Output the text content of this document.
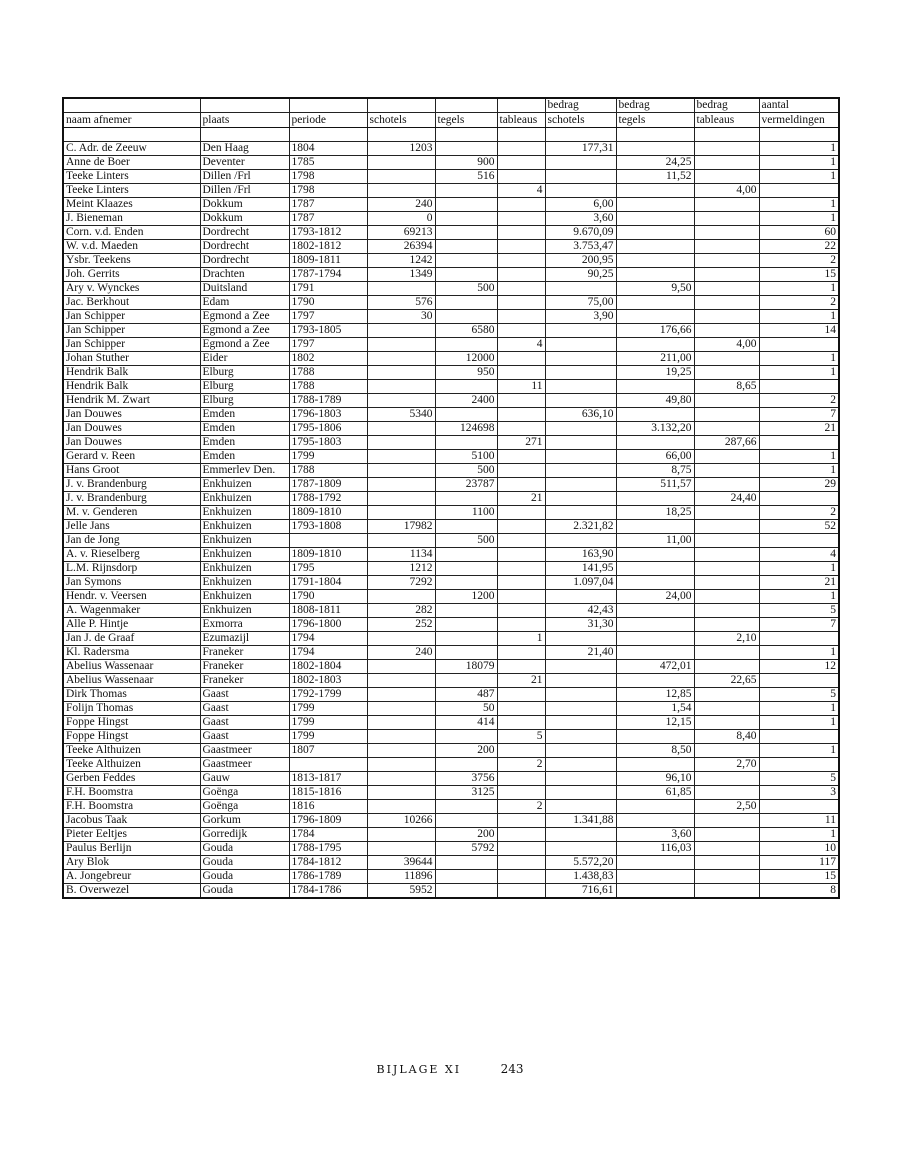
						bedrag	bedrag	bedrag	aantal
naam afnemer	plaats	periode	schotels	tegels	tableaus	schotels	tegels	tableaus	vermeldingen

C. Adr. de Zeeuw	Den Haag	1804	1203			177,31			1
Anne de Boer	Deventer	1785		900			24,25		1
Teeke Linters	Dillen /Frl	1798		516			11,52		1
Teeke Linters	Dillen /Frl	1798			4			4,00	
Meint Klaazes	Dokkum	1787	240			6,00			1
J. Bieneman	Dokkum	1787	0			3,60			1
Corn. v.d. Enden	Dordrecht	1793-1812	69213			9.670,09			60
W. v.d. Maeden	Dordrecht	1802-1812	26394			3.753,47			22
Ysbr. Teekens	Dordrecht	1809-1811	1242			200,95			2
Joh. Gerrits	Drachten	1787-1794	1349			90,25			15
Ary v. Wynckes	Duitsland	1791		500			9,50		1
Jac. Berkhout	Edam	1790	576			75,00			2
Jan Schipper	Egmond a Zee	1797	30			3,90			1
Jan Schipper	Egmond a Zee	1793-1805		6580			176,66		14
Jan Schipper	Egmond a Zee	1797			4			4,00	
Johan Stuther	Eider	1802		12000			211,00		1
Hendrik Balk	Elburg	1788		950			19,25		1
Hendrik Balk	Elburg	1788			11			8,65	
Hendrik M. Zwart	Elburg	1788-1789		2400			49,80		2
Jan Douwes	Emden	1796-1803	5340			636,10			7
Jan Douwes	Emden	1795-1806		124698			3.132,20		21
Jan Douwes	Emden	1795-1803			271			287,66	
Gerard v. Reen	Emden	1799		5100			66,00		1
Hans Groot	Emmerlev Den.	1788		500			8,75		1
J. v. Brandenburg	Enkhuizen	1787-1809		23787			511,57		29
J. v. Brandenburg	Enkhuizen	1788-1792			21			24,40	
M. v. Genderen	Enkhuizen	1809-1810		1100			18,25		2
Jelle Jans	Enkhuizen	1793-1808	17982			2.321,82			52
Jan de Jong	Enkhuizen			500			11,00		
A. v. Rieselberg	Enkhuizen	1809-1810	1134			163,90			4
L.M. Rijnsdorp	Enkhuizen	1795	1212			141,95			1
Jan Symons	Enkhuizen	1791-1804	7292			1.097,04			21
Hendr. v. Veersen	Enkhuizen	1790		1200			24,00		1
A. Wagenmaker	Enkhuizen	1808-1811	282			42,43			5
Alle P. Hintje	Exmorra	1796-1800	252			31,30			7
Jan J. de Graaf	Ezumazijl	1794			1			2,10	
Kl. Radersma	Franeker	1794	240			21,40			1
Abelius Wassenaar	Franeker	1802-1804		18079			472,01		12
Abelius Wassenaar	Franeker	1802-1803			21			22,65	
Dirk Thomas	Gaast	1792-1799		487			12,85		5
Folijn Thomas	Gaast	1799		50			1,54		1
Foppe Hingst	Gaast	1799		414			12,15		1
Foppe Hingst	Gaast	1799			5			8,40	
Teeke Althuizen	Gaastmeer	1807		200			8,50		1
Teeke Althuizen	Gaastmeer				2			2,70	
Gerben Feddes	Gauw	1813-1817		3756			96,10		5
F.H. Boomstra	Goënga	1815-1816		3125			61,85		3
F.H. Boomstra	Goënga	1816			2			2,50	
Jacobus Taak	Gorkum	1796-1809	10266			1.341,88			11
Pieter Eeltjes	Gorredijk	1784		200			3,60		1
Paulus Berlijn	Gouda	1788-1795		5792			116,03		10
Ary Blok	Gouda	1784-1812	39644			5.572,20			117
A. Jongebreur	Gouda	1786-1789	11896			1.438,83			15
B. Overwezel	Gouda	1784-1786	5952			716,61			8
BIJLAGE XI	243
